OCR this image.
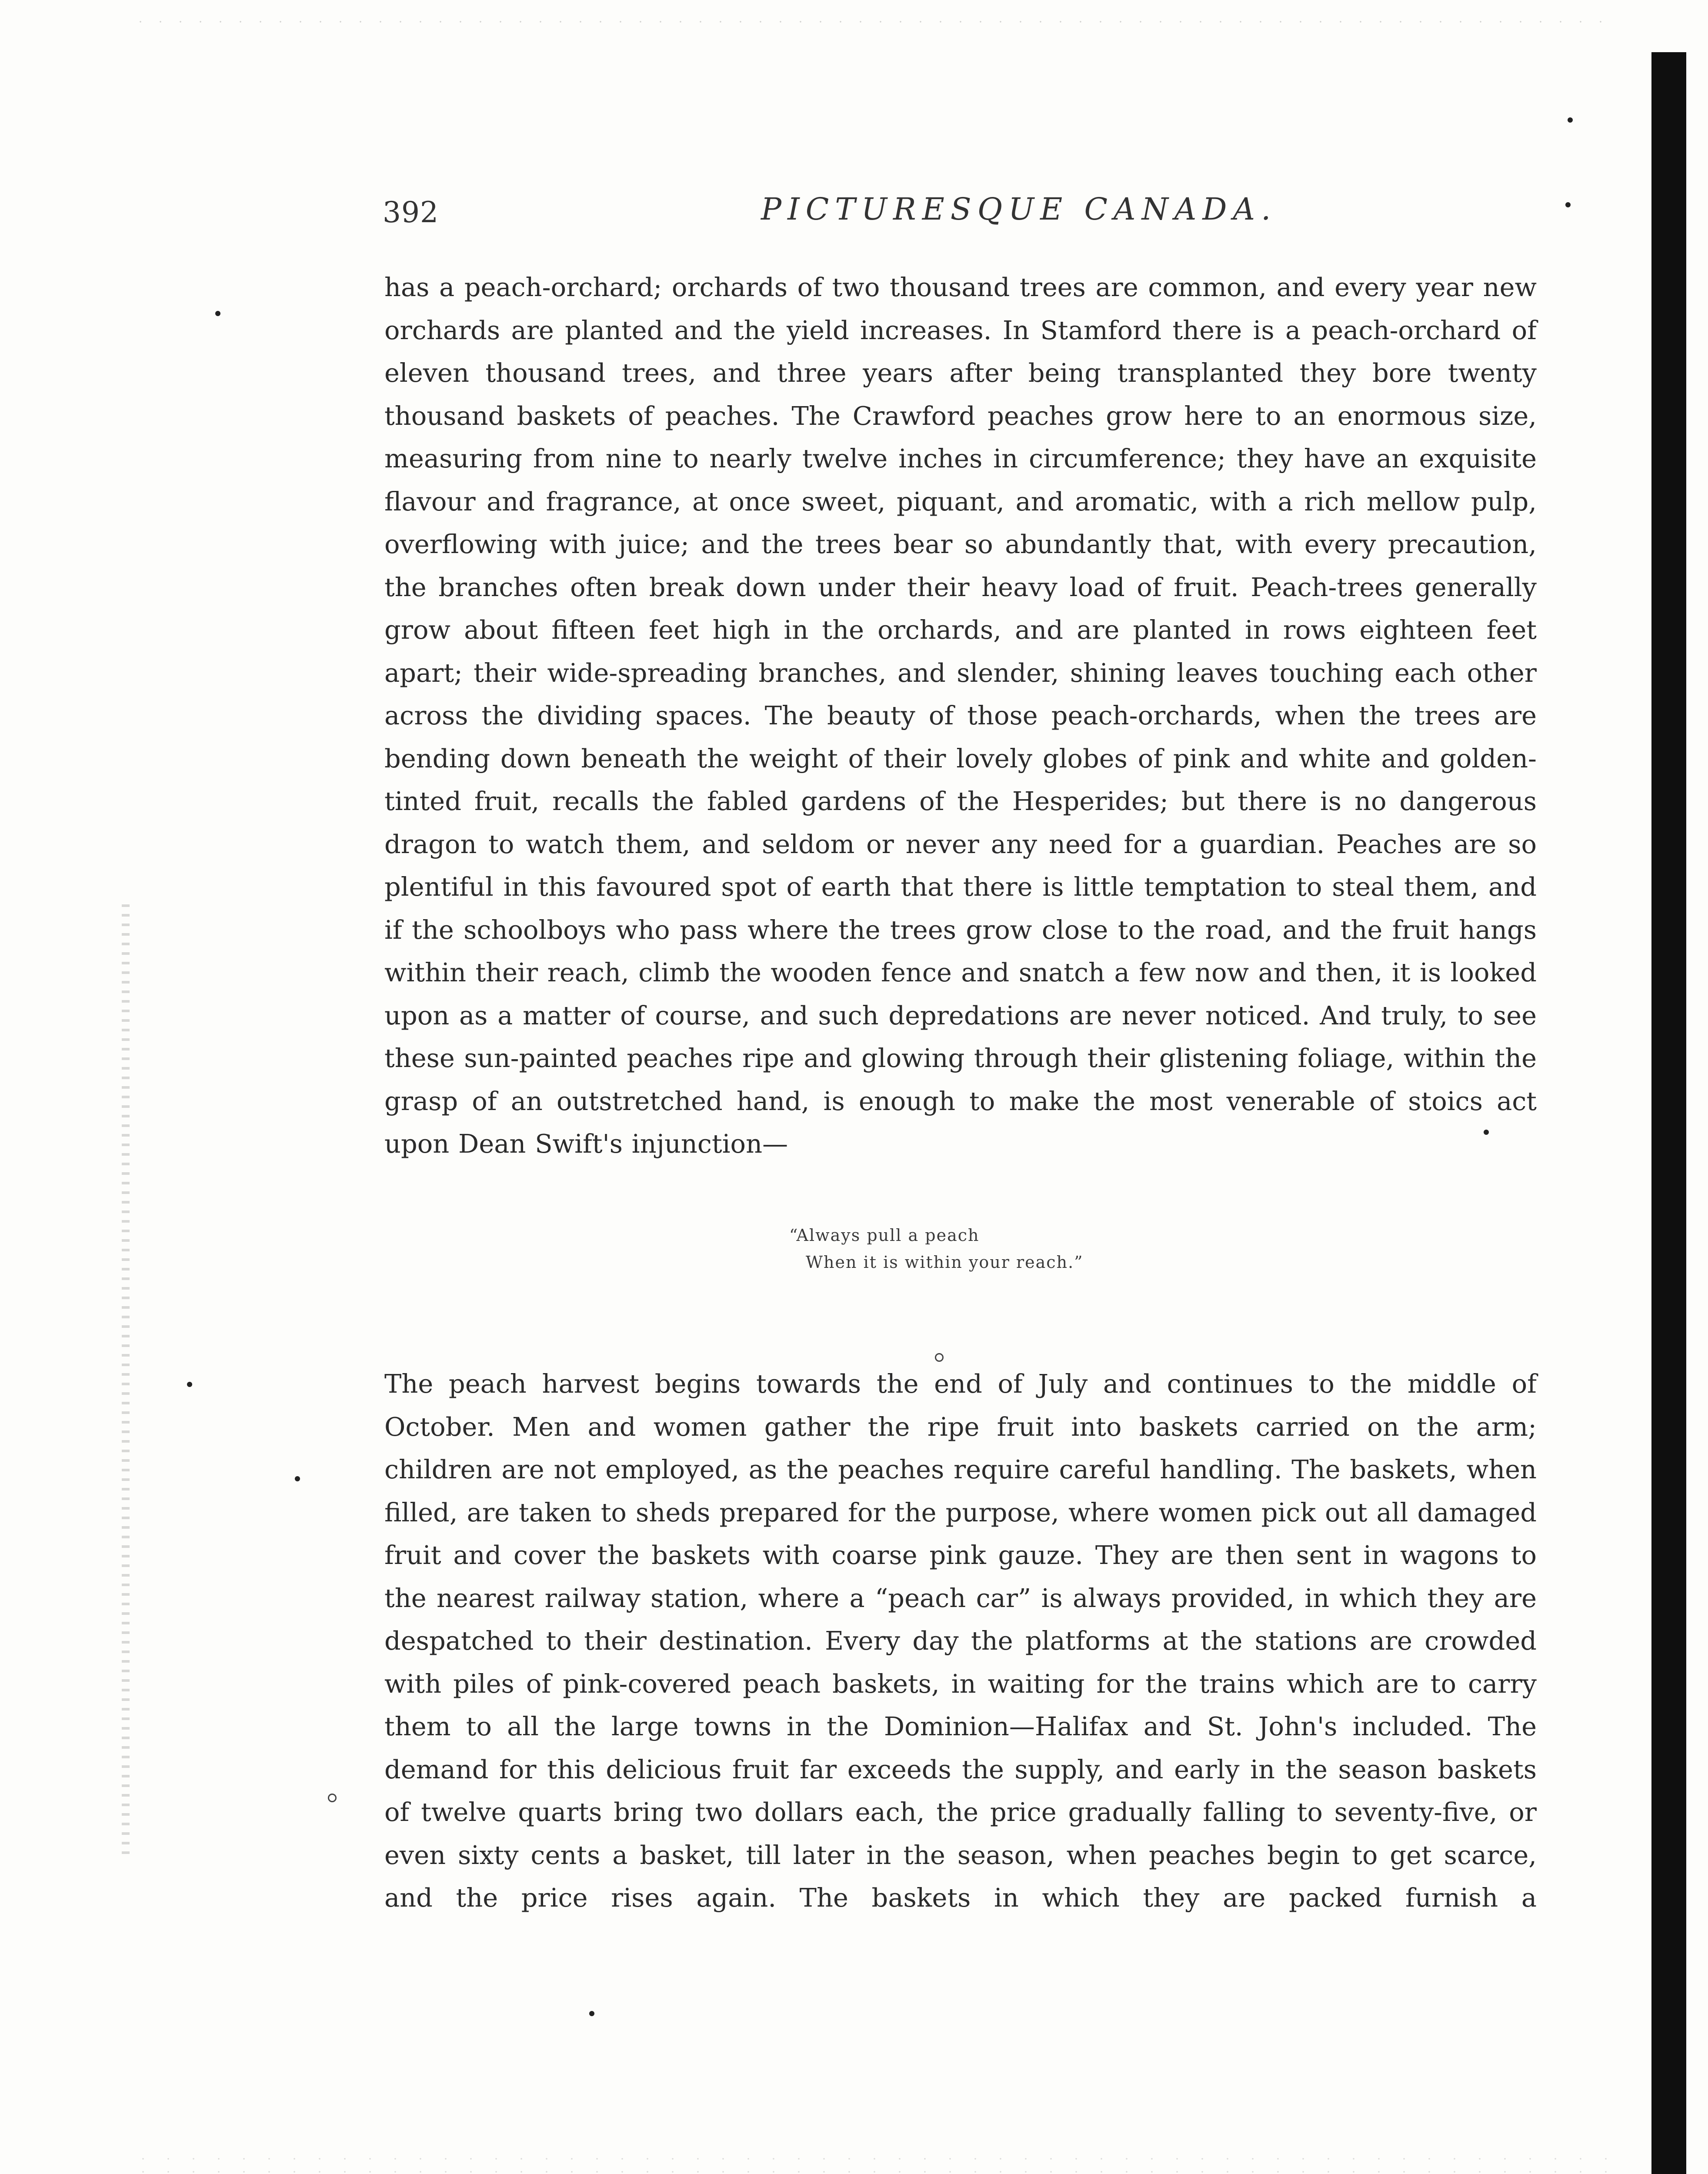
392	PICTURESQUE CANADA.

has a peach-orchard; orchards of two thousand trees are common, and every year new orchards are planted and the yield increases. In Stamford there is a peach-orchard of eleven thousand trees, and three years after being transplanted they bore twenty thousand baskets of peaches. The Crawford peaches grow here to an enormous size, measuring from nine to nearly twelve inches in circumference; they have an exquisite flavour and fragrance, at once sweet, piquant, and aromatic, with a rich mellow pulp, overflowing with juice; and the trees bear so abundantly that, with every precaution, the branches often break down under their heavy load of fruit. Peach-trees generally grow about fifteen feet high in the orchards, and are planted in rows eighteen feet apart; their wide-spreading branches, and slender, shining leaves touching each other across the dividing spaces. The beauty of those peach-orchards, when the trees are bending down beneath the weight of their lovely globes of pink and white and golden-tinted fruit, recalls the fabled gardens of the Hesperides; but there is no dangerous dragon to watch them, and seldom or never any need for a guardian. Peaches are so plentiful in this favoured spot of earth that there is little temptation to steal them, and if the schoolboys who pass where the trees grow close to the road, and the fruit hangs within their reach, climb the wooden fence and snatch a few now and then, it is looked upon as a matter of course, and such depredations are never noticed. And truly, to see these sun-painted peaches ripe and glowing through their glistening foliage, within the grasp of an outstretched hand, is enough to make the most venerable of stoics act upon Dean Swift's injunction—

“Always pull a peach
When it is within your reach.”

The peach harvest begins towards the end of July and continues to the middle of October. Men and women gather the ripe fruit into baskets carried on the arm; children are not employed, as the peaches require careful handling. The baskets, when filled, are taken to sheds prepared for the purpose, where women pick out all damaged fruit and cover the baskets with coarse pink gauze. They are then sent in wagons to the nearest railway station, where a “peach car” is always provided, in which they are despatched to their destination. Every day the platforms at the stations are crowded with piles of pink-covered peach baskets, in waiting for the trains which are to carry them to all the large towns in the Dominion—Halifax and St. John's included. The demand for this delicious fruit far exceeds the supply, and early in the season baskets of twelve quarts bring two dollars each, the price gradually falling to seventy-five, or even sixty cents a basket, till later in the season, when peaches begin to get scarce, and the price rises again. The baskets in which they are packed furnish a
